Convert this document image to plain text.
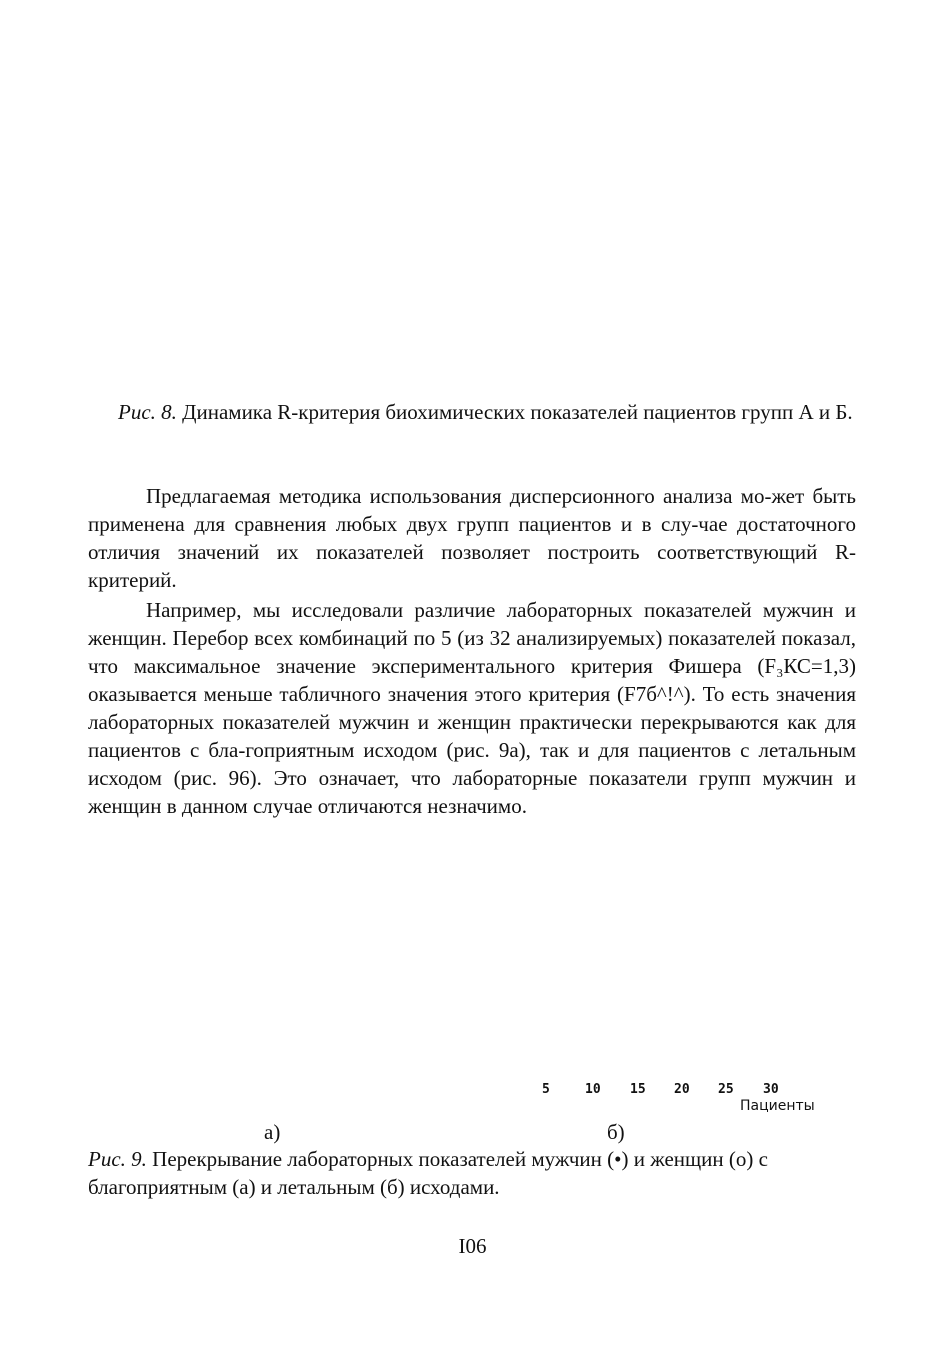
Рис. 8. Динамика R-критерия биохимических показателей пациентов групп А и Б.

Предлагаемая методика использования дисперсионного анализа мо-жет быть применена для сравнения любых двух групп пациентов и в слу-чае достаточного отличия значений их показателей позволяет построить соответствующий R-критерий.

Например, мы исследовали различие лабораторных показателей мужчин и женщин. Перебор всех комбинаций по 5 (из 32 анализируемых) показателей показал, что максимальное значение экспериментального критерия Фишера (F₃КС=1,3) оказывается меньше табличного значения этого критерия (F7б^!^). То есть значения лабораторных показателей мужчин и женщин практически перекрываются как для пациентов с бла-гоприятным исходом (рис. 9а), так и для пациентов с летальным исходом (рис. 96). Это означает, что лабораторные показатели групп мужчин и женщин в данном случае отличаются незначимо.

5	10 15 20 25 30
Пациенты
а)	б)
Рис. 9. Перекрывание лабораторных показателей мужчин (•) и женщин (о) с благоприятным (а) и летальным (б) исходами.
I06
